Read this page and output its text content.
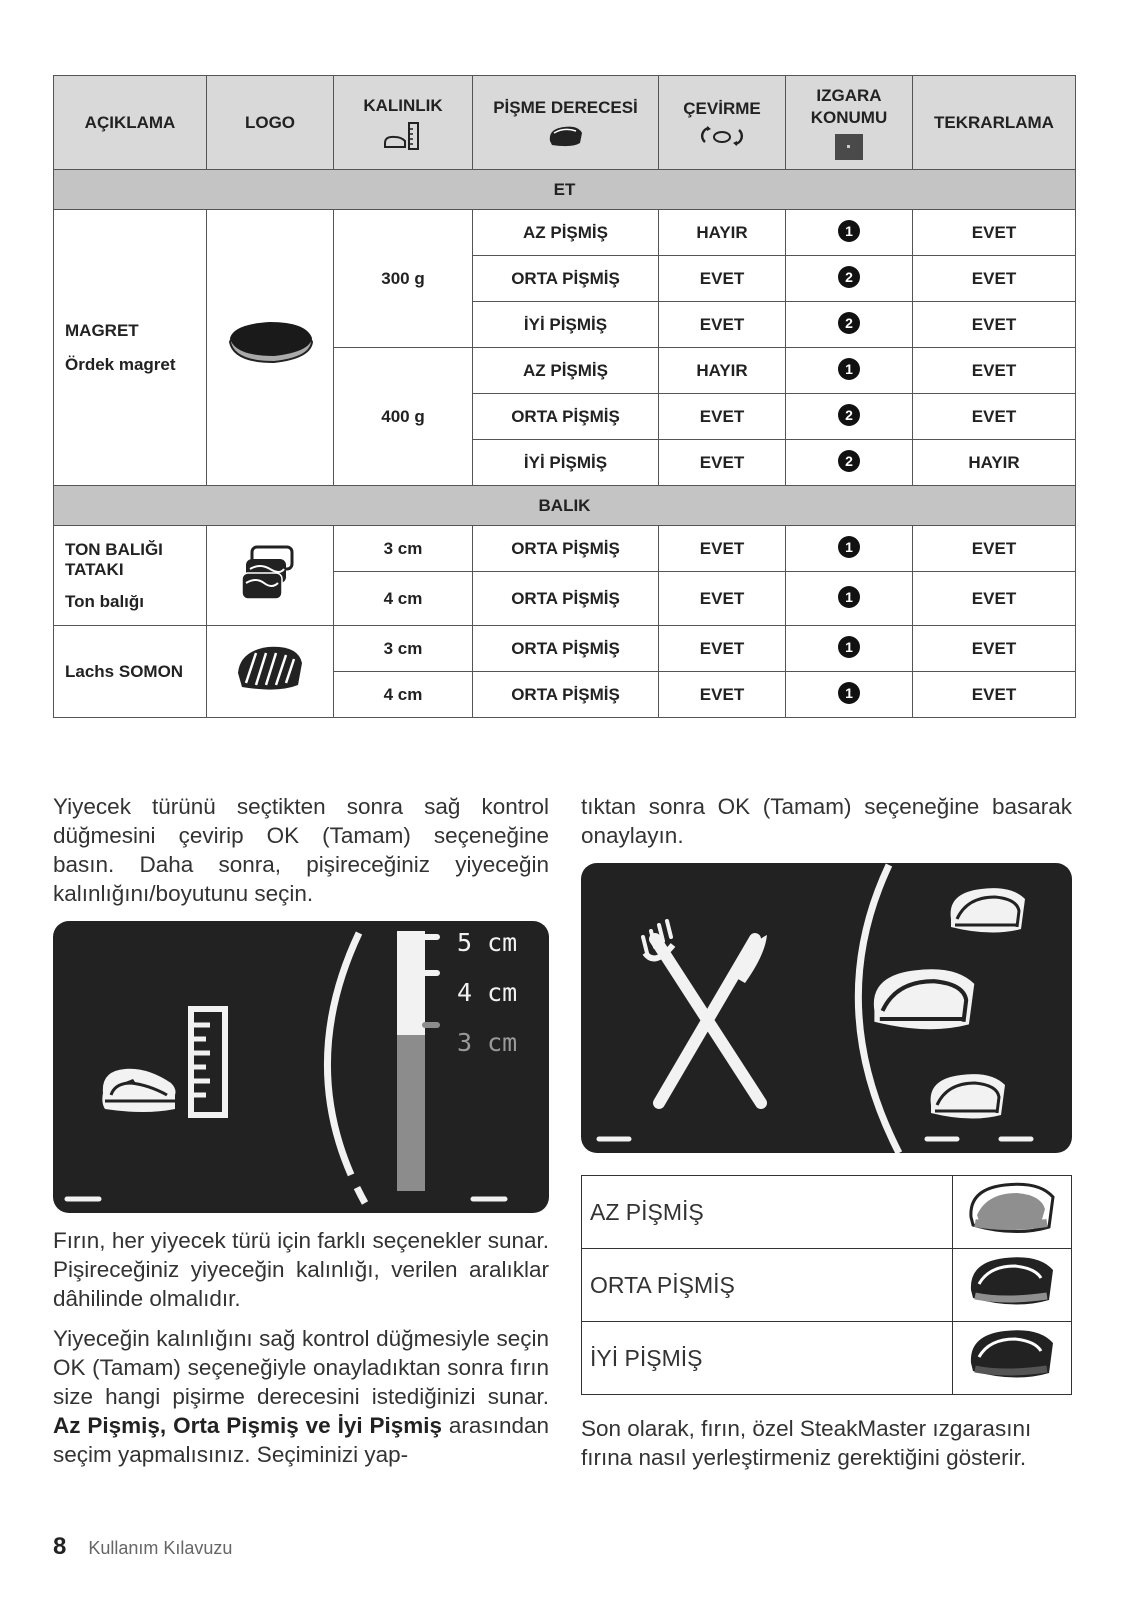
AÇIKLAMA	LOGO	KALINLIK	PİŞME DERECESİ	ÇEVİRME	IZGARA
KONUMU	TEKRARLAMA
ET						

MAGRET
Ördek magret		300 g	AZ PİŞMİŞ	HAYIR	1	EVET
			ORTA PİŞMİŞ	EVET	2	EVET
			İYİ PİŞMİŞ	EVET	2	EVET
		400 g	AZ PİŞMİŞ	HAYIR	1	EVET
			ORTA PİŞMİŞ	EVET	2	EVET
			İYİ PİŞMİŞ	EVET	2	HAYIR
BALIK						

TON BALIĞI TATAKI
Ton balığı		3 cm	ORTA PİŞMİŞ	EVET	1	EVET
		4 cm	ORTA PİŞMİŞ	EVET	1	EVET
Lachs SOMON		3 cm	ORTA PİŞMİŞ	EVET	1	EVET
		4 cm	ORTA PİŞMİŞ	EVET	1	EVET

Yiyecek türünü seçtikten sonra sağ kontrol düğmesini çevirip OK (Tamam) seçeneğine basın. Daha sonra, pişireceğiniz yiyeceğin kalınlığını/boyutunu seçin.

5 cm
4 cm
3 cm

Fırın, her yiyecek türü için farklı seçenekler sunar. Pişireceğiniz yiyeceğin kalınlığı, verilen aralıklar dâhilinde olmalıdır.

Yiyeceğin kalınlığını sağ kontrol düğmesiyle seçin OK (Tamam) seçeneğiyle onayladıktan sonra fırın size hangi pişirme derecesini istediğinizi sunar. Az Pişmiş, Orta Pişmiş ve İyi Pişmiş arasından seçim yapmalısınız. Seçiminizi yap-

tıktan sonra OK (Tamam) seçeneğine basarak onaylayın.

AZ PİŞMİŞ	
ORTA PİŞMİŞ	
İYİ PİŞMİŞ	

Son olarak, fırın, özel SteakMaster ızgarasını fırına nasıl yerleştirmeniz gerektiğini gösterir.

8 Kullanım Kılavuzu
